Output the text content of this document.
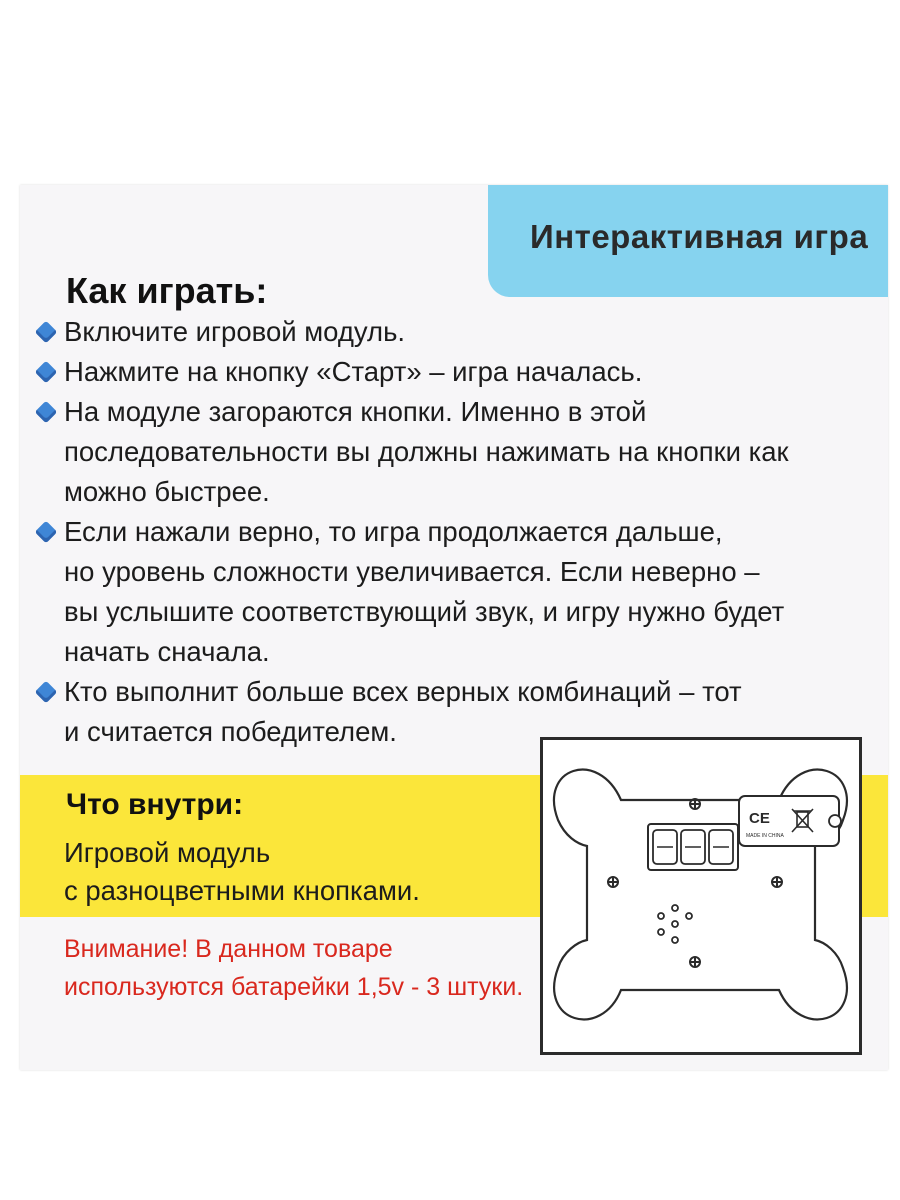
Интерактивная игра
Как играть:
Включите игровой модуль.
Нажмите на кнопку «Старт» – игра началась.
На модуле загораются кнопки. Именно в этой
последовательности вы должны нажимать на кнопки как
можно быстрее.
Если нажали верно, то игра продолжается дальше,
но уровень сложности увеличивается. Если неверно –
вы услышите соответствующий звук, и игру нужно будет
начать сначала.
Кто выполнит больше всех верных комбинаций – тот
и считается победителем.
Что внутри:
Игровой модуль
с разноцветными кнопками.
Внимание! В данном товаре
используются батарейки 1,5v - 3 штуки.
CE
MADE IN CHINA
